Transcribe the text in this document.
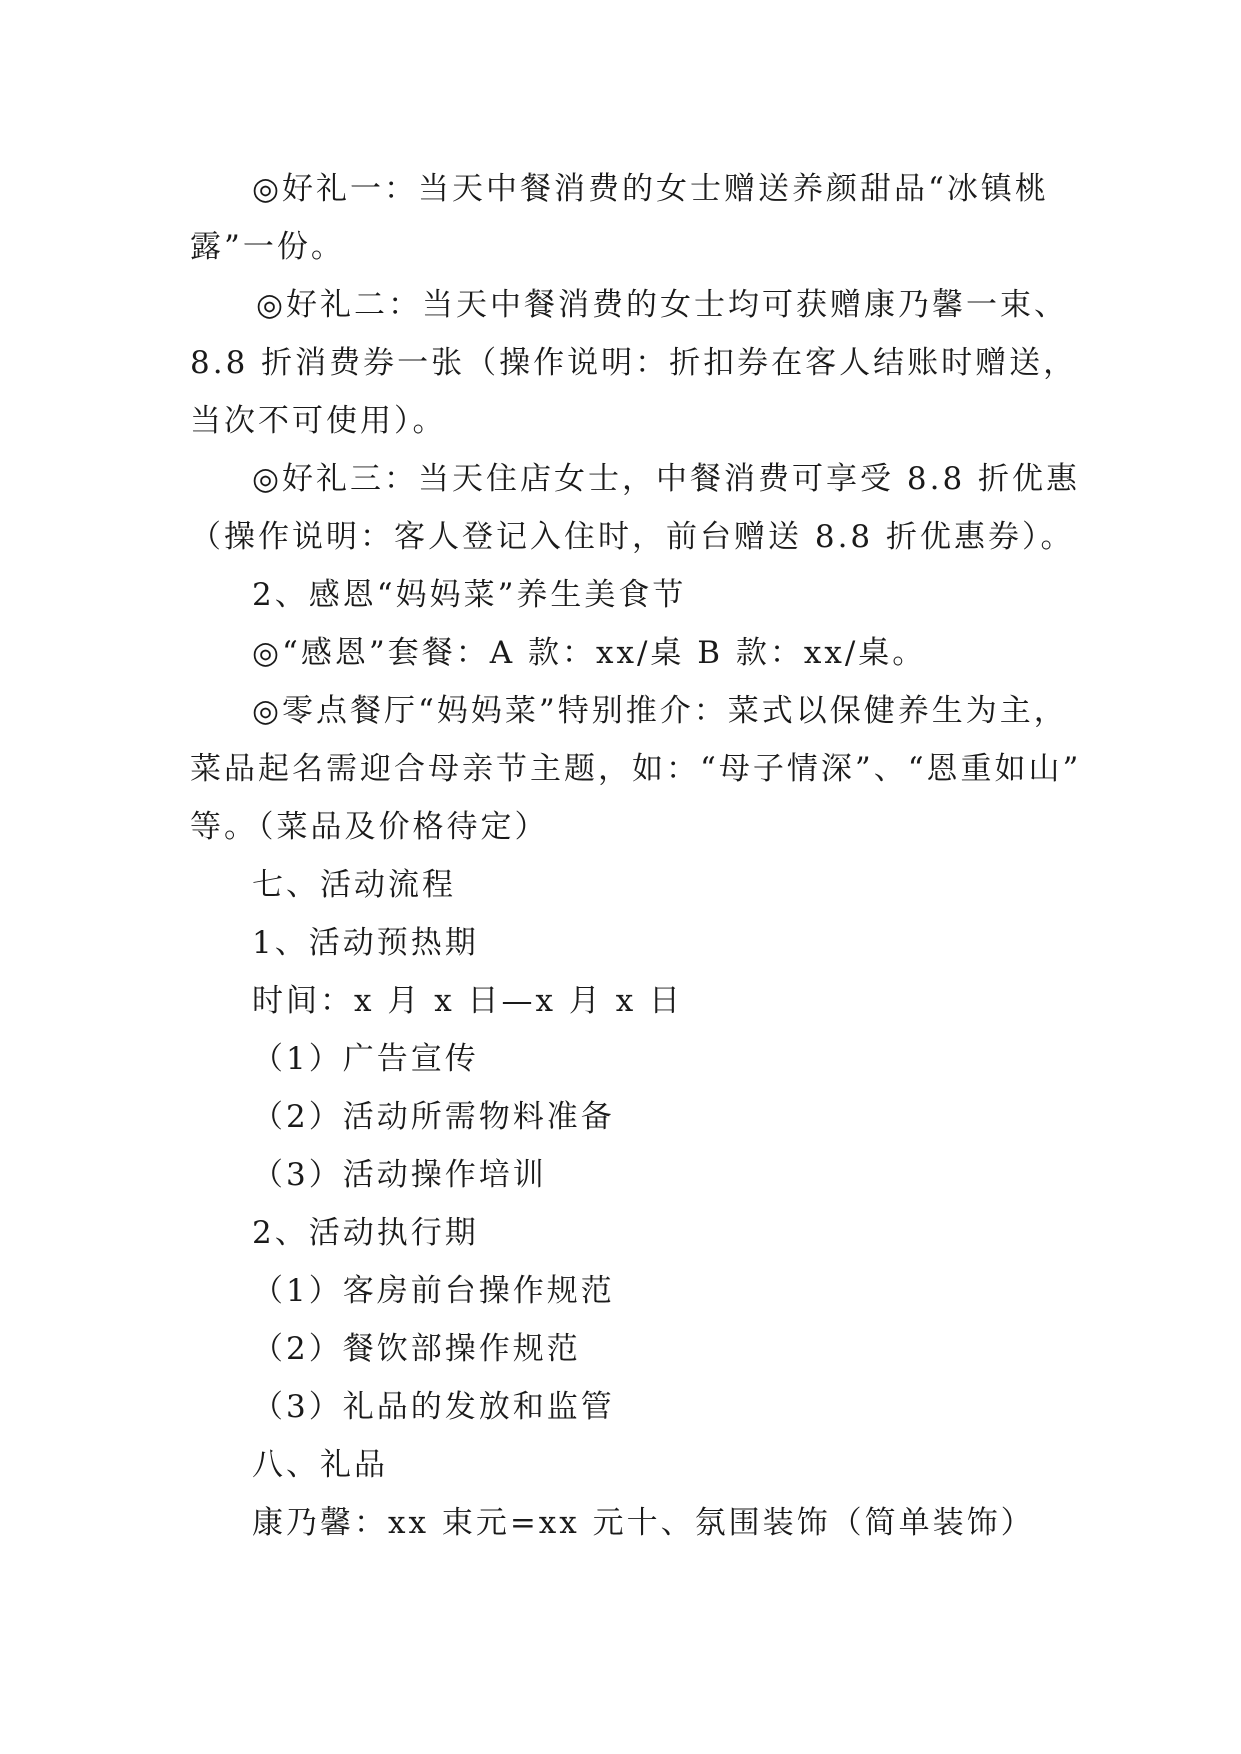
◎好礼一：当天中餐消费的女士赠送养颜甜品“冰镇桃

露”一份。

◎好礼二：当天中餐消费的女士均可获赠康乃馨一束、

8.8 折消费券一张（操作说明：折扣券在客人结账时赠送，

当次不可使用）。

◎好礼三：当天住店女士，中餐消费可享受 8.8 折优惠

（操作说明：客人登记入住时，前台赠送 8.8 折优惠券）。

2、感恩“妈妈菜”养生美食节

◎“感恩”套餐：A 款：xx/桌 B 款：xx/桌。

◎零点餐厅“妈妈菜”特别推介：菜式以保健养生为主，

菜品起名需迎合母亲节主题，如：“母子情深”、“恩重如山”

等。（菜品及价格待定）

七、活动流程

1、活动预热期

时间：x 月 x 日—x 月 x 日

（1）广告宣传

（2）活动所需物料准备

（3）活动操作培训

2、活动执行期

（1）客房前台操作规范

（2）餐饮部操作规范

（3）礼品的发放和监管

八、礼品

康乃馨：xx 束元=xx 元十、氛围装饰（简单装饰）
